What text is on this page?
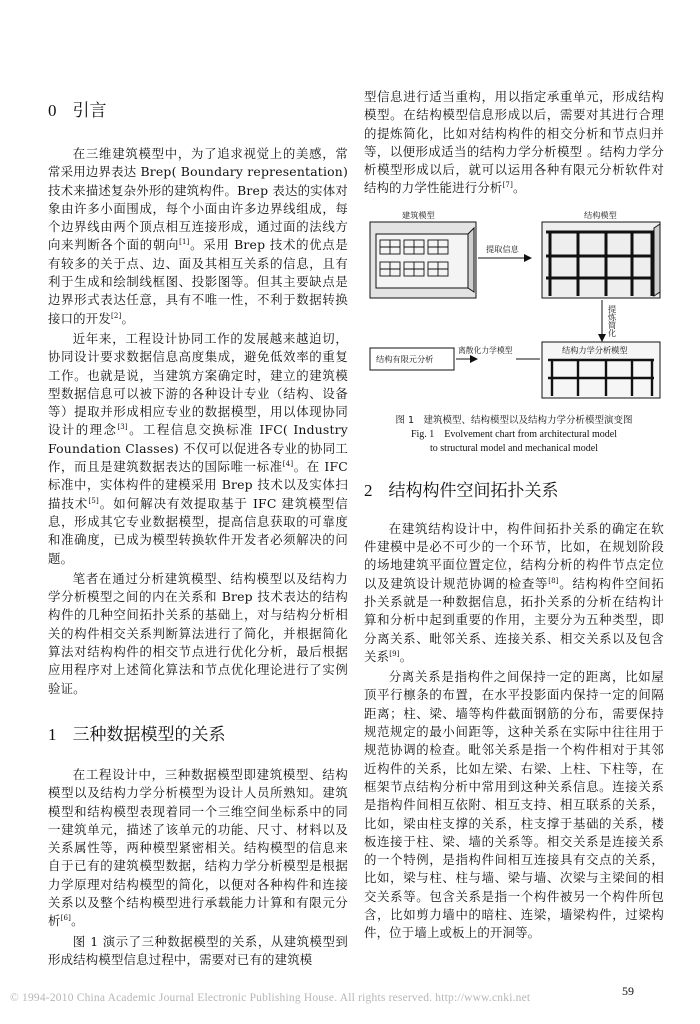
0 引言

在三维建筑模型中，为了追求视觉上的美感，常常采用边界表达 Brep( Boundary representation) 技术来描述复杂外形的建筑构件。Brep 表达的实体对象由许多小面围成，每个小面由许多边界线组成，每个边界线由两个顶点相互连接形成，通过面的法线方向来判断各个面的朝向[1]。采用 Brep 技术的优点是有较多的关于点、边、面及其相互关系的信息，且有利于生成和绘制线框图、投影图等。但其主要缺点是边界形式表达任意，具有不唯一性，不利于数据转换接口的开发[2]。

近年来，工程设计协同工作的发展越来越迫切，协同设计要求数据信息高度集成，避免低效率的重复工作。也就是说，当建筑方案确定时，建立的建筑模型数据信息可以被下游的各种设计专业（结构、设备等）提取并形成相应专业的数据模型，用以体现协同设计的理念[3]。工程信息交换标准 IFC( Industry Foundation Classes) 不仅可以促进各专业的协同工作，而且是建筑数据表达的国际唯一标准[4]。在 IFC 标准中，实体构件的建模采用 Brep 技术以及实体扫描技术[5]。如何解决有效提取基于 IFC 建筑模型信息，形成其它专业数据模型，提高信息获取的可靠度和准确度，已成为模型转换软件开发者必须解决的问题。

笔者在通过分析建筑模型、结构模型以及结构力学分析模型之间的内在关系和 Brep 技术表达的结构构件的几种空间拓扑关系的基础上，对与结构分析相关的构件相交关系判断算法进行了简化，并根据简化算法对结构构件的相交节点进行优化分析，最后根据应用程序对上述简化算法和节点优化理论进行了实例验证。

1 三种数据模型的关系

在工程设计中，三种数据模型即建筑模型、结构模型以及结构力学分析模型为设计人员所熟知。建筑模型和结构模型表现着同一个三维空间坐标系中的同一建筑单元，描述了该单元的功能、尺寸、材料以及关系属性等，两种模型紧密相关。结构模型的信息来自于已有的建筑模型数据，结构力学分析模型是根据力学原理对结构模型的简化，以便对各种构件和连接关系以及整个结构模型进行承载能力计算和有限元分析[6]。

图 1 演示了三种数据模型的关系，从建筑模型到形成结构模型信息过程中，需要对已有的建筑模

型信息进行适当重构，用以指定承重单元，形成结构模型。在结构模型信息形成以后，需要对其进行合理的提炼简化，比如对结构构件的相交分析和节点归并等，以便形成适当的结构力学分析模型 。结构力学分析模型形成以后，就可以运用各种有限元分析软件对结构的力学性能进行分析[7]。

建筑模型
提取信息
结构模型
提
炼
简
化
结构力学分析模型
结构有限元分析
离散化力学模型

图 1　建筑模型、结构模型以及结构力学分析模型演变图

Fig. 1　Evolvement chart from architectural model

to structural model and mechanical model

2 结构构件空间拓扑关系

在建筑结构设计中，构件间拓扑关系的确定在软件建模中是必不可少的一个环节，比如，在规划阶段的场地建筑平面位置定位，结构分析的构件节点定位以及建筑设计规范协调的检查等[8]。结构构件空间拓扑关系就是一种数据信息，拓扑关系的分析在结构计算和分析中起到重要的作用，主要分为五种类型，即分离关系、毗邻关系、连接关系、相交关系以及包含关系[9]。

分离关系是指构件之间保持一定的距离，比如屋顶平行檩条的布置，在水平投影面内保持一定的间隔距离；柱、梁、墙等构件截面钢筋的分布，需要保持规范规定的最小间距等，这种关系在实际中往往用于规范协调的检查。毗邻关系是指一个构件相对于其邻近构件的关系，比如左梁、右梁、上柱、下柱等，在框架节点结构分析中常用到这种关系信息。连接关系是指构件间相互依附、相互支持、相互联系的关系，比如，梁由柱支撑的关系，柱支撑于基础的关系，楼板连接于柱、梁、墙的关系等。相交关系是连接关系的一个特例，是指构件间相互连接具有交点的关系，比如，梁与柱、柱与墙、梁与墙、次梁与主梁间的相交关系等。包含关系是指一个构件被另一个构件所包含，比如剪力墙中的暗柱、连梁，墙梁构件，过梁构件，位于墙上或板上的开洞等。

© 1994-2010 China Academic Journal Electronic Publishing House. All rights reserved. http://www.cnki.net	59
